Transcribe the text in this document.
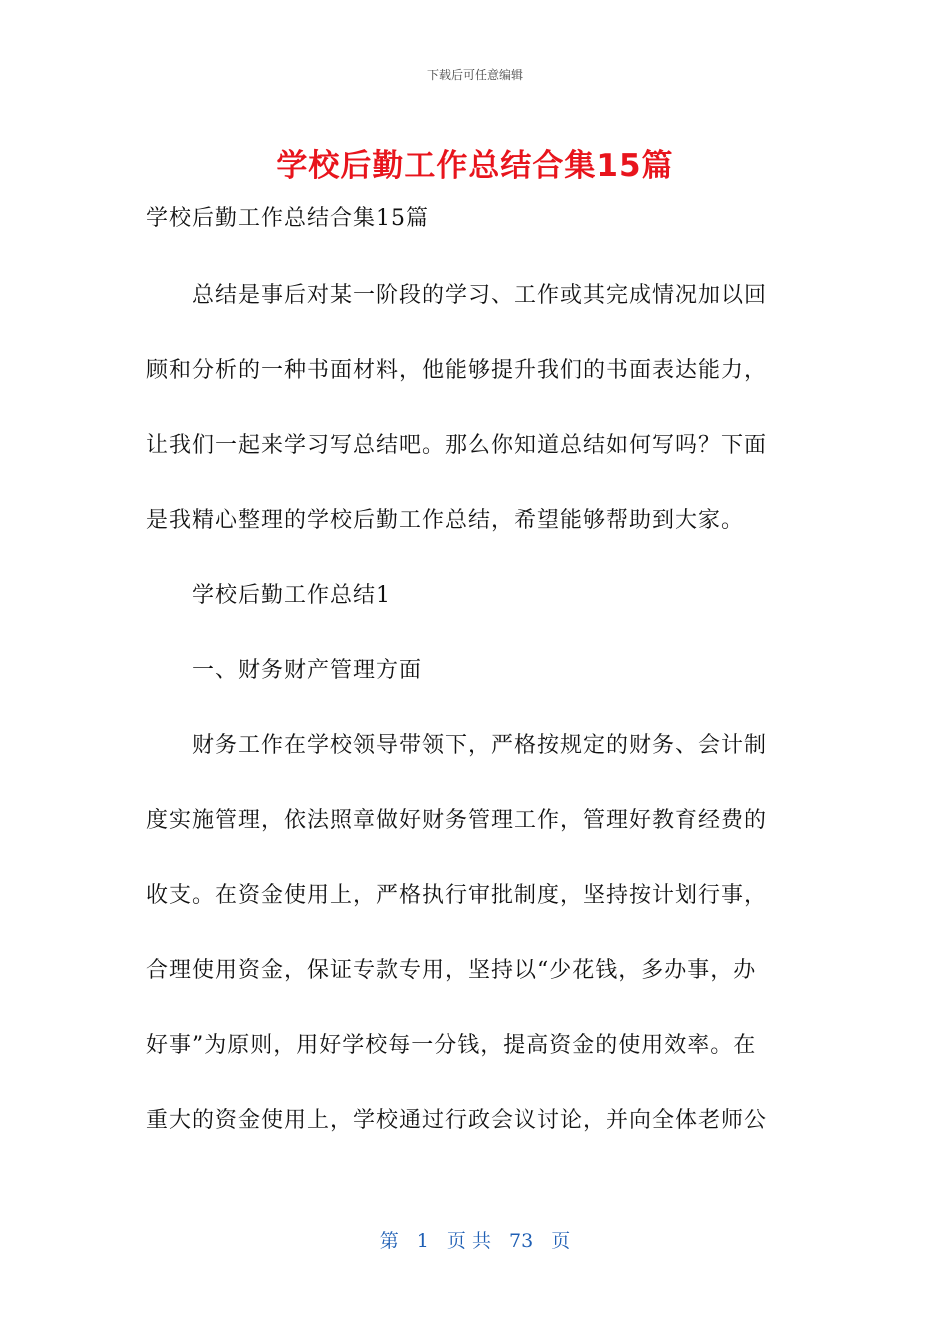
下载后可任意编辑
学校后勤工作总结合集15篇
学校后勤工作总结合集15篇
　　总结是事后对某一阶段的学习、工作或其完成情况加以回
顾和分析的一种书面材料，他能够提升我们的书面表达能力，
让我们一起来学习写总结吧。那么你知道总结如何写吗？下面
是我精心整理的学校后勤工作总结，希望能够帮助到大家。
　　学校后勤工作总结1
　　一、财务财产管理方面
　　财务工作在学校领导带领下，严格按规定的财务、会计制
度实施管理，依法照章做好财务管理工作，管理好教育经费的
收支。在资金使用上，严格执行审批制度，坚持按计划行事，
合理使用资金，保证专款专用，坚持以“少花钱，多办事，办
好事”为原则，用好学校每一分钱，提高资金的使用效率。在
重大的资金使用上，学校通过行政会议讨论，并向全体老师公
第 1 页 共 73 页
